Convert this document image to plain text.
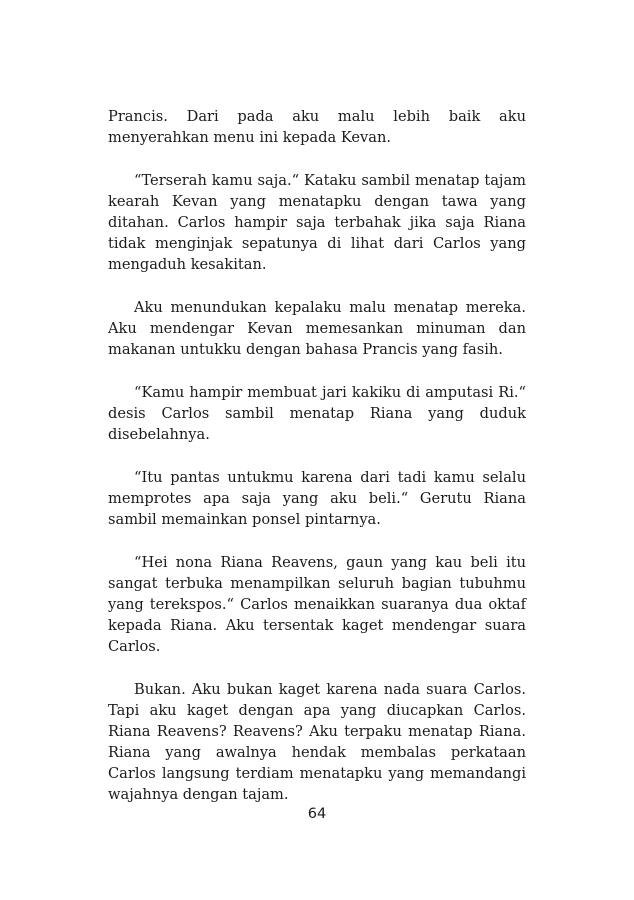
Prancis. Dari pada aku malu lebih baik aku menyerahkan menu ini kepada Kevan.

“Terserah kamu saja.“ Kataku sambil menatap tajam kearah Kevan yang menatapku dengan tawa yang ditahan. Carlos hampir saja terbahak jika saja Riana tidak menginjak sepatunya di lihat dari Carlos yang mengaduh kesakitan.

Aku menundukan kepalaku malu menatap mereka. Aku mendengar Kevan memesankan minuman dan makanan untukku dengan bahasa Prancis yang fasih.

“Kamu hampir membuat jari kakiku di amputasi Ri.“ desis Carlos sambil menatap Riana yang duduk disebelahnya.

“Itu pantas untukmu karena dari tadi kamu selalu memprotes apa saja yang aku beli.“ Gerutu Riana sambil memainkan ponsel pintarnya.

“Hei nona Riana Reavens, gaun yang kau beli itu sangat terbuka menampilkan seluruh bagian tubuhmu yang terekspos.“ Carlos menaikkan suaranya dua oktaf kepada Riana. Aku tersentak kaget mendengar suara Carlos.

Bukan. Aku bukan kaget karena nada suara Carlos. Tapi aku kaget dengan apa yang diucapkan Carlos. Riana Reavens? Reavens? Aku terpaku menatap Riana. Riana yang awalnya hendak membalas perkataan Carlos langsung terdiam menatapku yang memandangi wajahnya dengan tajam.

64
